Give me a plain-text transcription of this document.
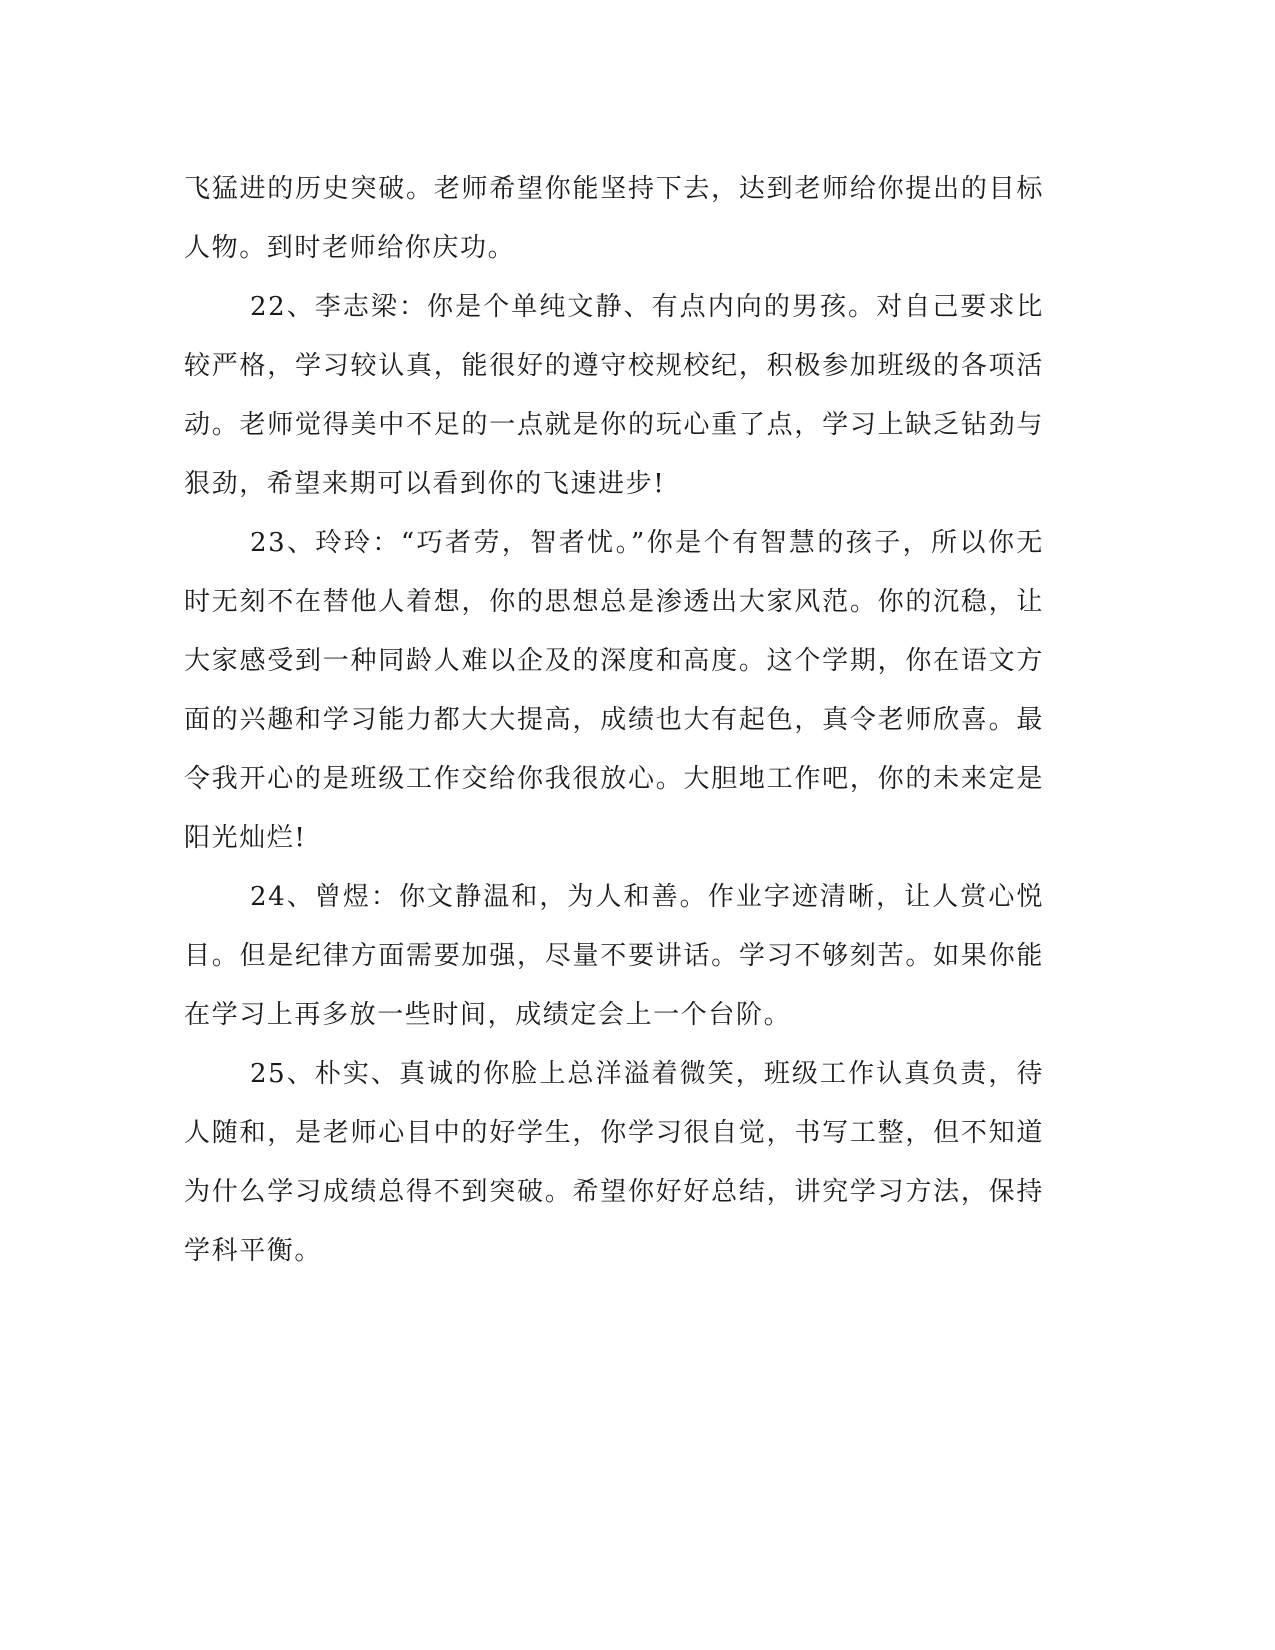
飞猛进的历史突破。老师希望你能坚持下去，达到老师给你提出的目标人物。到时老师给你庆功。

22、李志梁：你是个单纯文静、有点内向的男孩。对自己要求比较严格，学习较认真，能很好的遵守校规校纪，积极参加班级的各项活动。老师觉得美中不足的一点就是你的玩心重了点，学习上缺乏钻劲与狠劲，希望来期可以看到你的飞速进步!

23、玲玲：“巧者劳，智者忧。”你是个有智慧的孩子，所以你无时无刻不在替他人着想，你的思想总是渗透出大家风范。你的沉稳，让大家感受到一种同龄人难以企及的深度和高度。这个学期，你在语文方面的兴趣和学习能力都大大提高，成绩也大有起色，真令老师欣喜。最令我开心的是班级工作交给你我很放心。大胆地工作吧，你的未来定是阳光灿烂!

24、曾煜：你文静温和，为人和善。作业字迹清晰，让人赏心悦目。但是纪律方面需要加强，尽量不要讲话。学习不够刻苦。如果你能在学习上再多放一些时间，成绩定会上一个台阶。

25、朴实、真诚的你脸上总洋溢着微笑，班级工作认真负责，待人随和，是老师心目中的好学生，你学习很自觉，书写工整，但不知道为什么学习成绩总得不到突破。希望你好好总结，讲究学习方法，保持学科平衡。
